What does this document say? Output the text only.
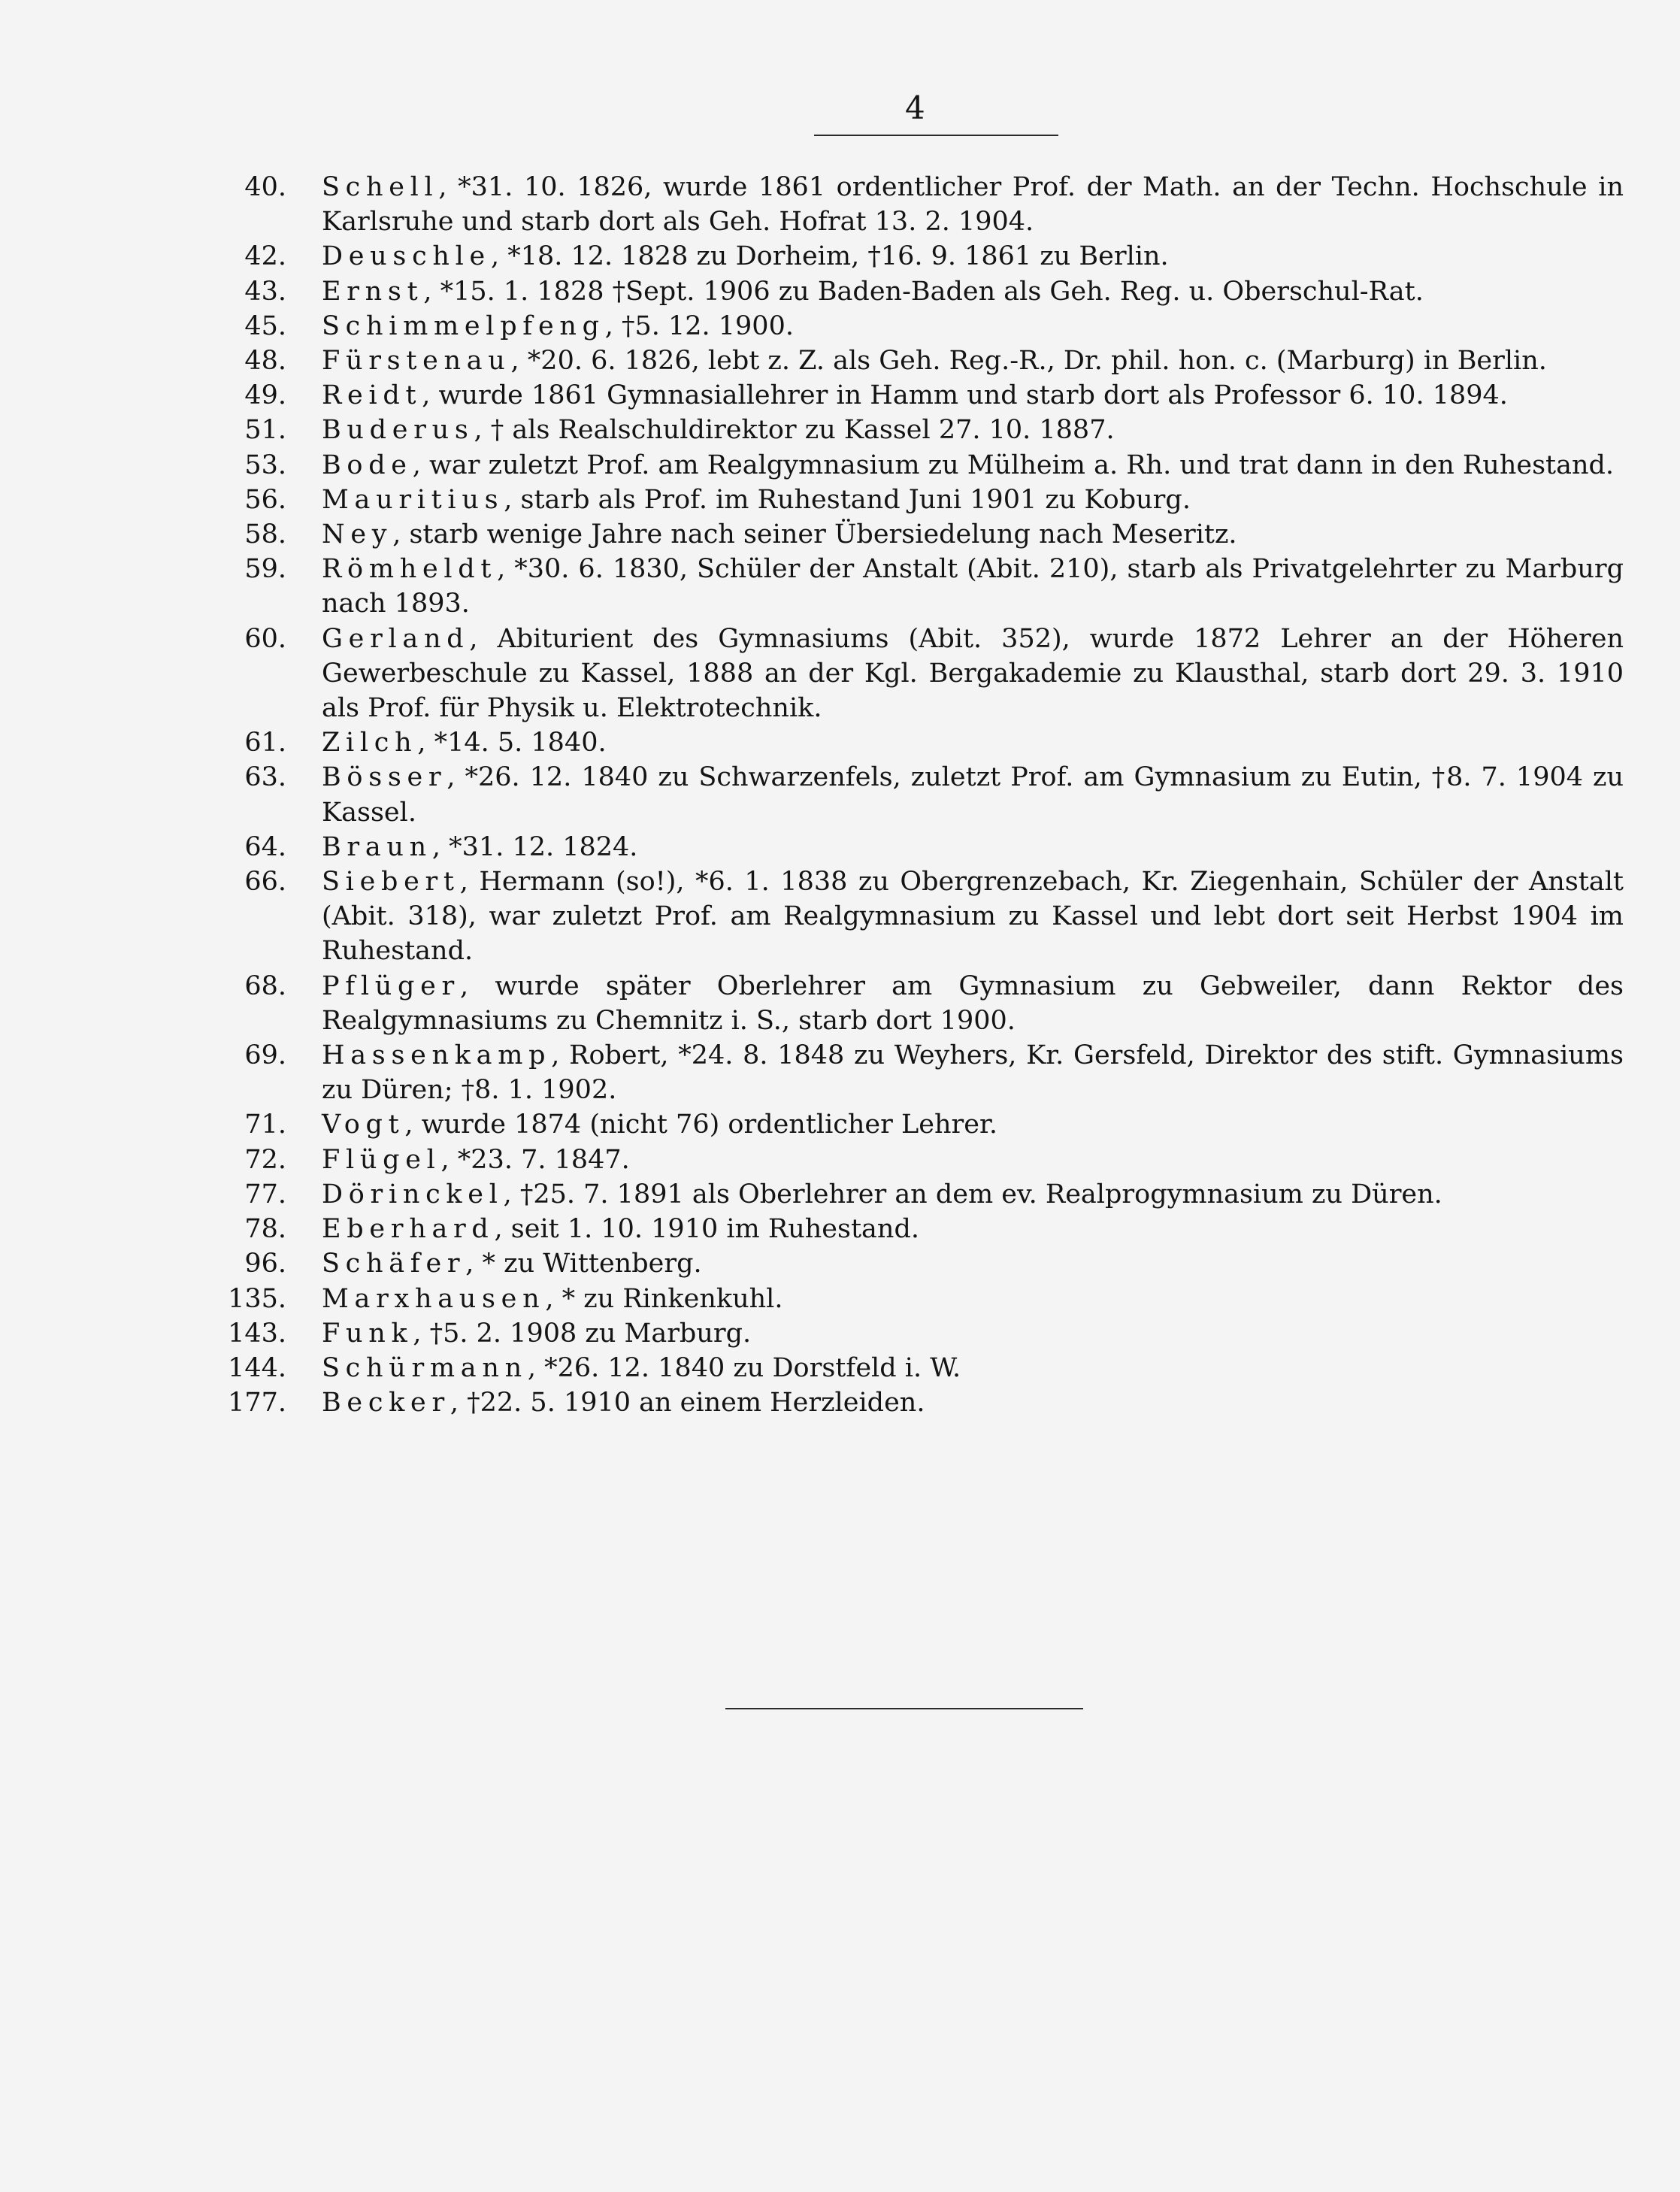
4
40.	Schell, *31. 10. 1826, wurde 1861 ordentlicher Prof. der Math. an der Techn. Hochschule in Karlsruhe und starb dort als Geh. Hofrat 13. 2. 1904.
42.	Deuschle, *18. 12. 1828 zu Dorheim, †16. 9. 1861 zu Berlin.
43.	Ernst, *15. 1. 1828 †Sept. 1906 zu Baden-Baden als Geh. Reg. u. Oberschul-Rat.
45.	Schimmelpfeng, †5. 12. 1900.
48.	Fürstenau, *20. 6. 1826, lebt z. Z. als Geh. Reg.-R., Dr. phil. hon. c. (Marburg) in Berlin.
49.	Reidt, wurde 1861 Gymnasiallehrer in Hamm und starb dort als Professor 6. 10. 1894.
51.	Buderus, † als Realschuldirektor zu Kassel 27. 10. 1887.
53.	Bode, war zuletzt Prof. am Realgymnasium zu Mülheim a. Rh. und trat dann in den Ruhestand.
56.	Mauritius, starb als Prof. im Ruhestand Juni 1901 zu Koburg.
58.	Ney, starb wenige Jahre nach seiner Übersiedelung nach Meseritz.
59.	Römheldt, *30. 6. 1830, Schüler der Anstalt (Abit. 210), starb als Privatgelehrter zu Marburg nach 1893.
60.	Gerland, Abiturient des Gymnasiums (Abit. 352), wurde 1872 Lehrer an der Höheren Gewerbeschule zu Kassel, 1888 an der Kgl. Bergakademie zu Klausthal, starb dort 29. 3. 1910 als Prof. für Physik u. Elektrotechnik.
61.	Zilch, *14. 5. 1840.
63.	Bösser, *26. 12. 1840 zu Schwarzenfels, zuletzt Prof. am Gymnasium zu Eutin, †8. 7. 1904 zu Kassel.
64.	Braun, *31. 12. 1824.
66.	Siebert, Hermann (so!), *6. 1. 1838 zu Obergrenzebach, Kr. Ziegenhain, Schüler der Anstalt (Abit. 318), war zuletzt Prof. am Realgymnasium zu Kassel und lebt dort seit Herbst 1904 im Ruhestand.
68.	Pflüger, wurde später Oberlehrer am Gymnasium zu Gebweiler, dann Rektor des Realgymnasiums zu Chemnitz i. S., starb dort 1900.
69.	Hassenkamp, Robert, *24. 8. 1848 zu Weyhers, Kr. Gersfeld, Direktor des stift. Gymnasiums zu Düren; †8. 1. 1902.
71.	Vogt, wurde 1874 (nicht 76) ordentlicher Lehrer.
72.	Flügel, *23. 7. 1847.
77.	Dörinckel, †25. 7. 1891 als Oberlehrer an dem ev. Realprogymnasium zu Düren.
78.	Eberhard, seit 1. 10. 1910 im Ruhestand.
96.	Schäfer, * zu Wittenberg.
135.	Marxhausen, * zu Rinkenkuhl.
143.	Funk, †5. 2. 1908 zu Marburg.
144.	Schürmann, *26. 12. 1840 zu Dorstfeld i. W.
177.	Becker, †22. 5. 1910 an einem Herzleiden.
